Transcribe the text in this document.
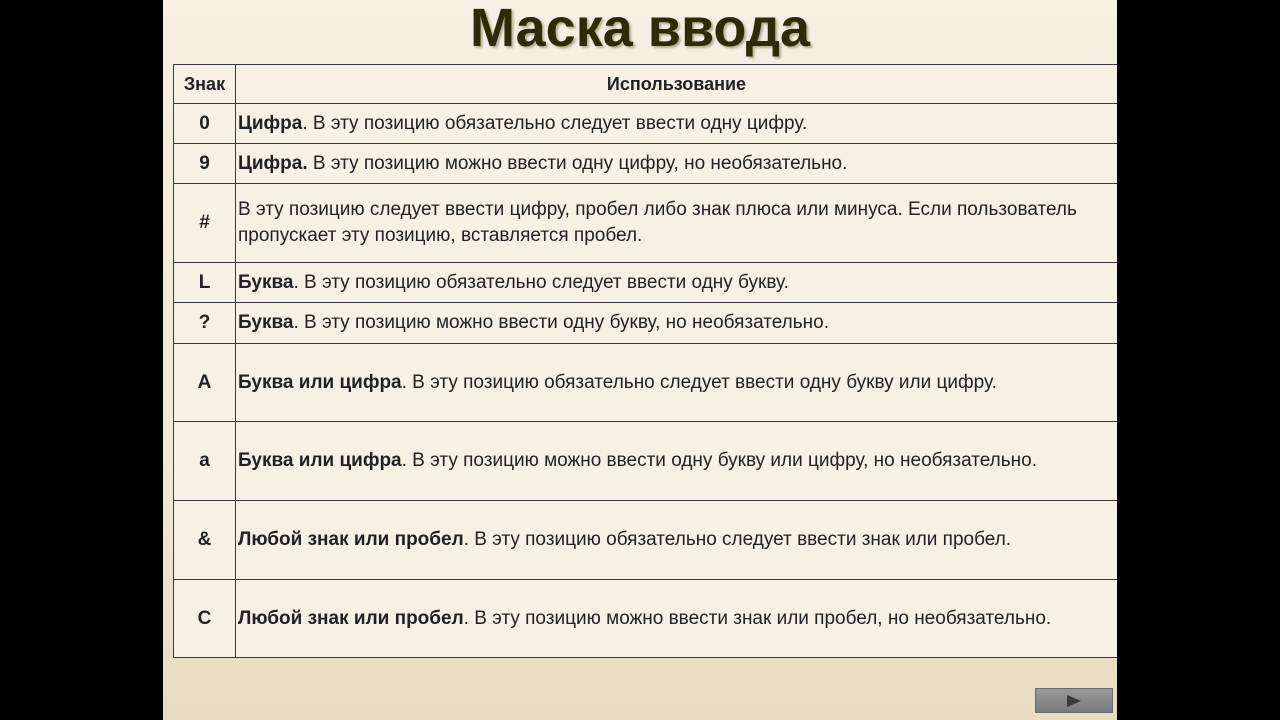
Маска ввода
Знак	Использование
0	Цифра. В эту позицию обязательно следует ввести одну цифру.
9	Цифра. В эту позицию можно ввести одну цифру, но необязательно.
#	В эту позицию следует ввести цифру, пробел либо знак плюса или минуса. Если пользователь пропускает эту позицию, вставляется пробел.
L	Буква. В эту позицию обязательно следует ввести одну букву.
?	Буква. В эту позицию можно ввести одну букву, но необязательно.
A	Буква или цифра. В эту позицию обязательно следует ввести одну букву или цифру.
a	Буква или цифра. В эту позицию можно ввести одну букву или цифру, но необязательно.
&	Любой знак или пробел. В эту позицию обязательно следует ввести знак или пробел.
C	Любой знак или пробел. В эту позицию можно ввести знак или пробел, но необязательно.
